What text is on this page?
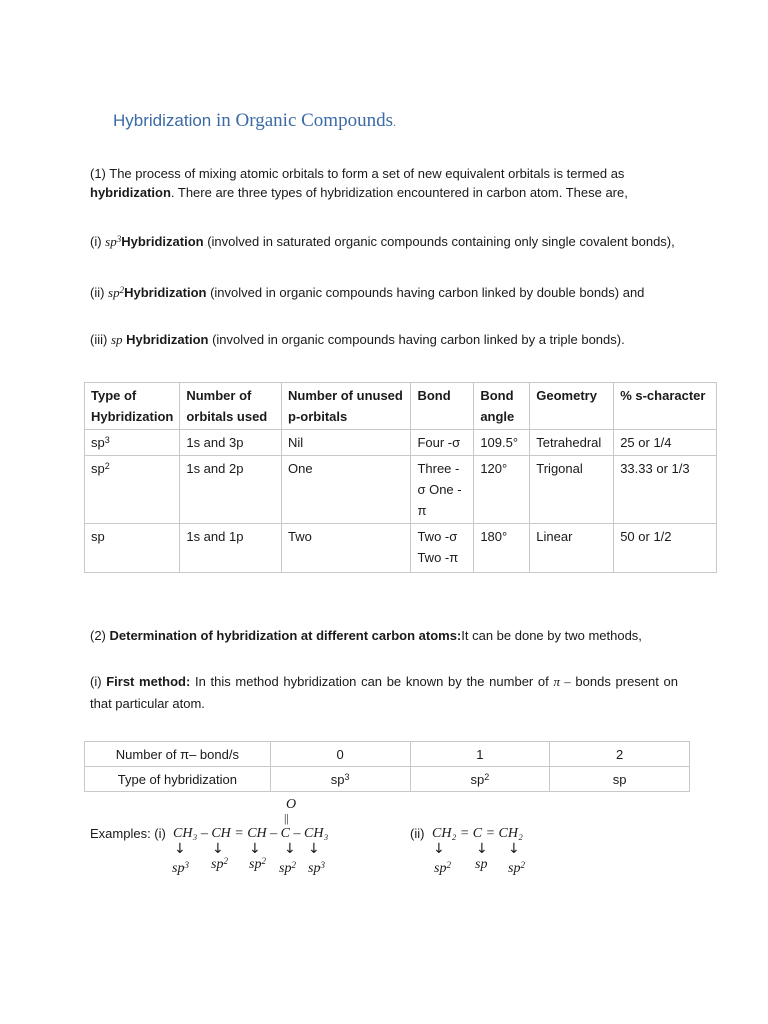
Hybridization in Organic Compounds.
(1) The process of mixing atomic orbitals to form a set of new equivalent orbitals is termed as hybridization. There are three types of hybridization encountered in carbon atom. These are,
(i) $sp^3Hybridization$ (involved in saturated organic compounds containing only single covalent bonds),
(ii) $sp^2Hybridization$ (involved in organic compounds having carbon linked by double bonds) and
(iii) sp Hybridization (involved in organic compounds having carbon linked by a triple bonds).
Type of Hybridization	Number of orbitals used	Number of unused p-orbitals	Bond	Bond angle	Geometry	% s-character
$sp^3$	1s and 3p	Nil	Four -σ	109.5°	Tetrahedral	25 or 1/4
$sp^2$	1s and 2p	One	Three - σ One - π	120°	Trigonal	33.33 or 1/3
sp	1s and 1p	Two	Two -σ Two -π	180°	Linear	50 or 1/2
(2) Determination of hybridization at different carbon atoms:It can be done by two methods,
(i) First method: In this method hybridization can be known by the number of π – bonds present on that particular atom.
Number of π– bond/s	0	1	2
Type of hybridization	$sp^3$	$sp^2$	sp
O
||
Examples: (i) CH₃ – CH = CH – C – CH₃
↓ ↓ ↓ ↓ ↓
$sp^3$ $sp^2$ $sp^2$ $sp^2$ $sp^3$
(ii) CH₂ = C = CH₂
↓ ↓ ↓
$sp^2$ sp $sp^2$
